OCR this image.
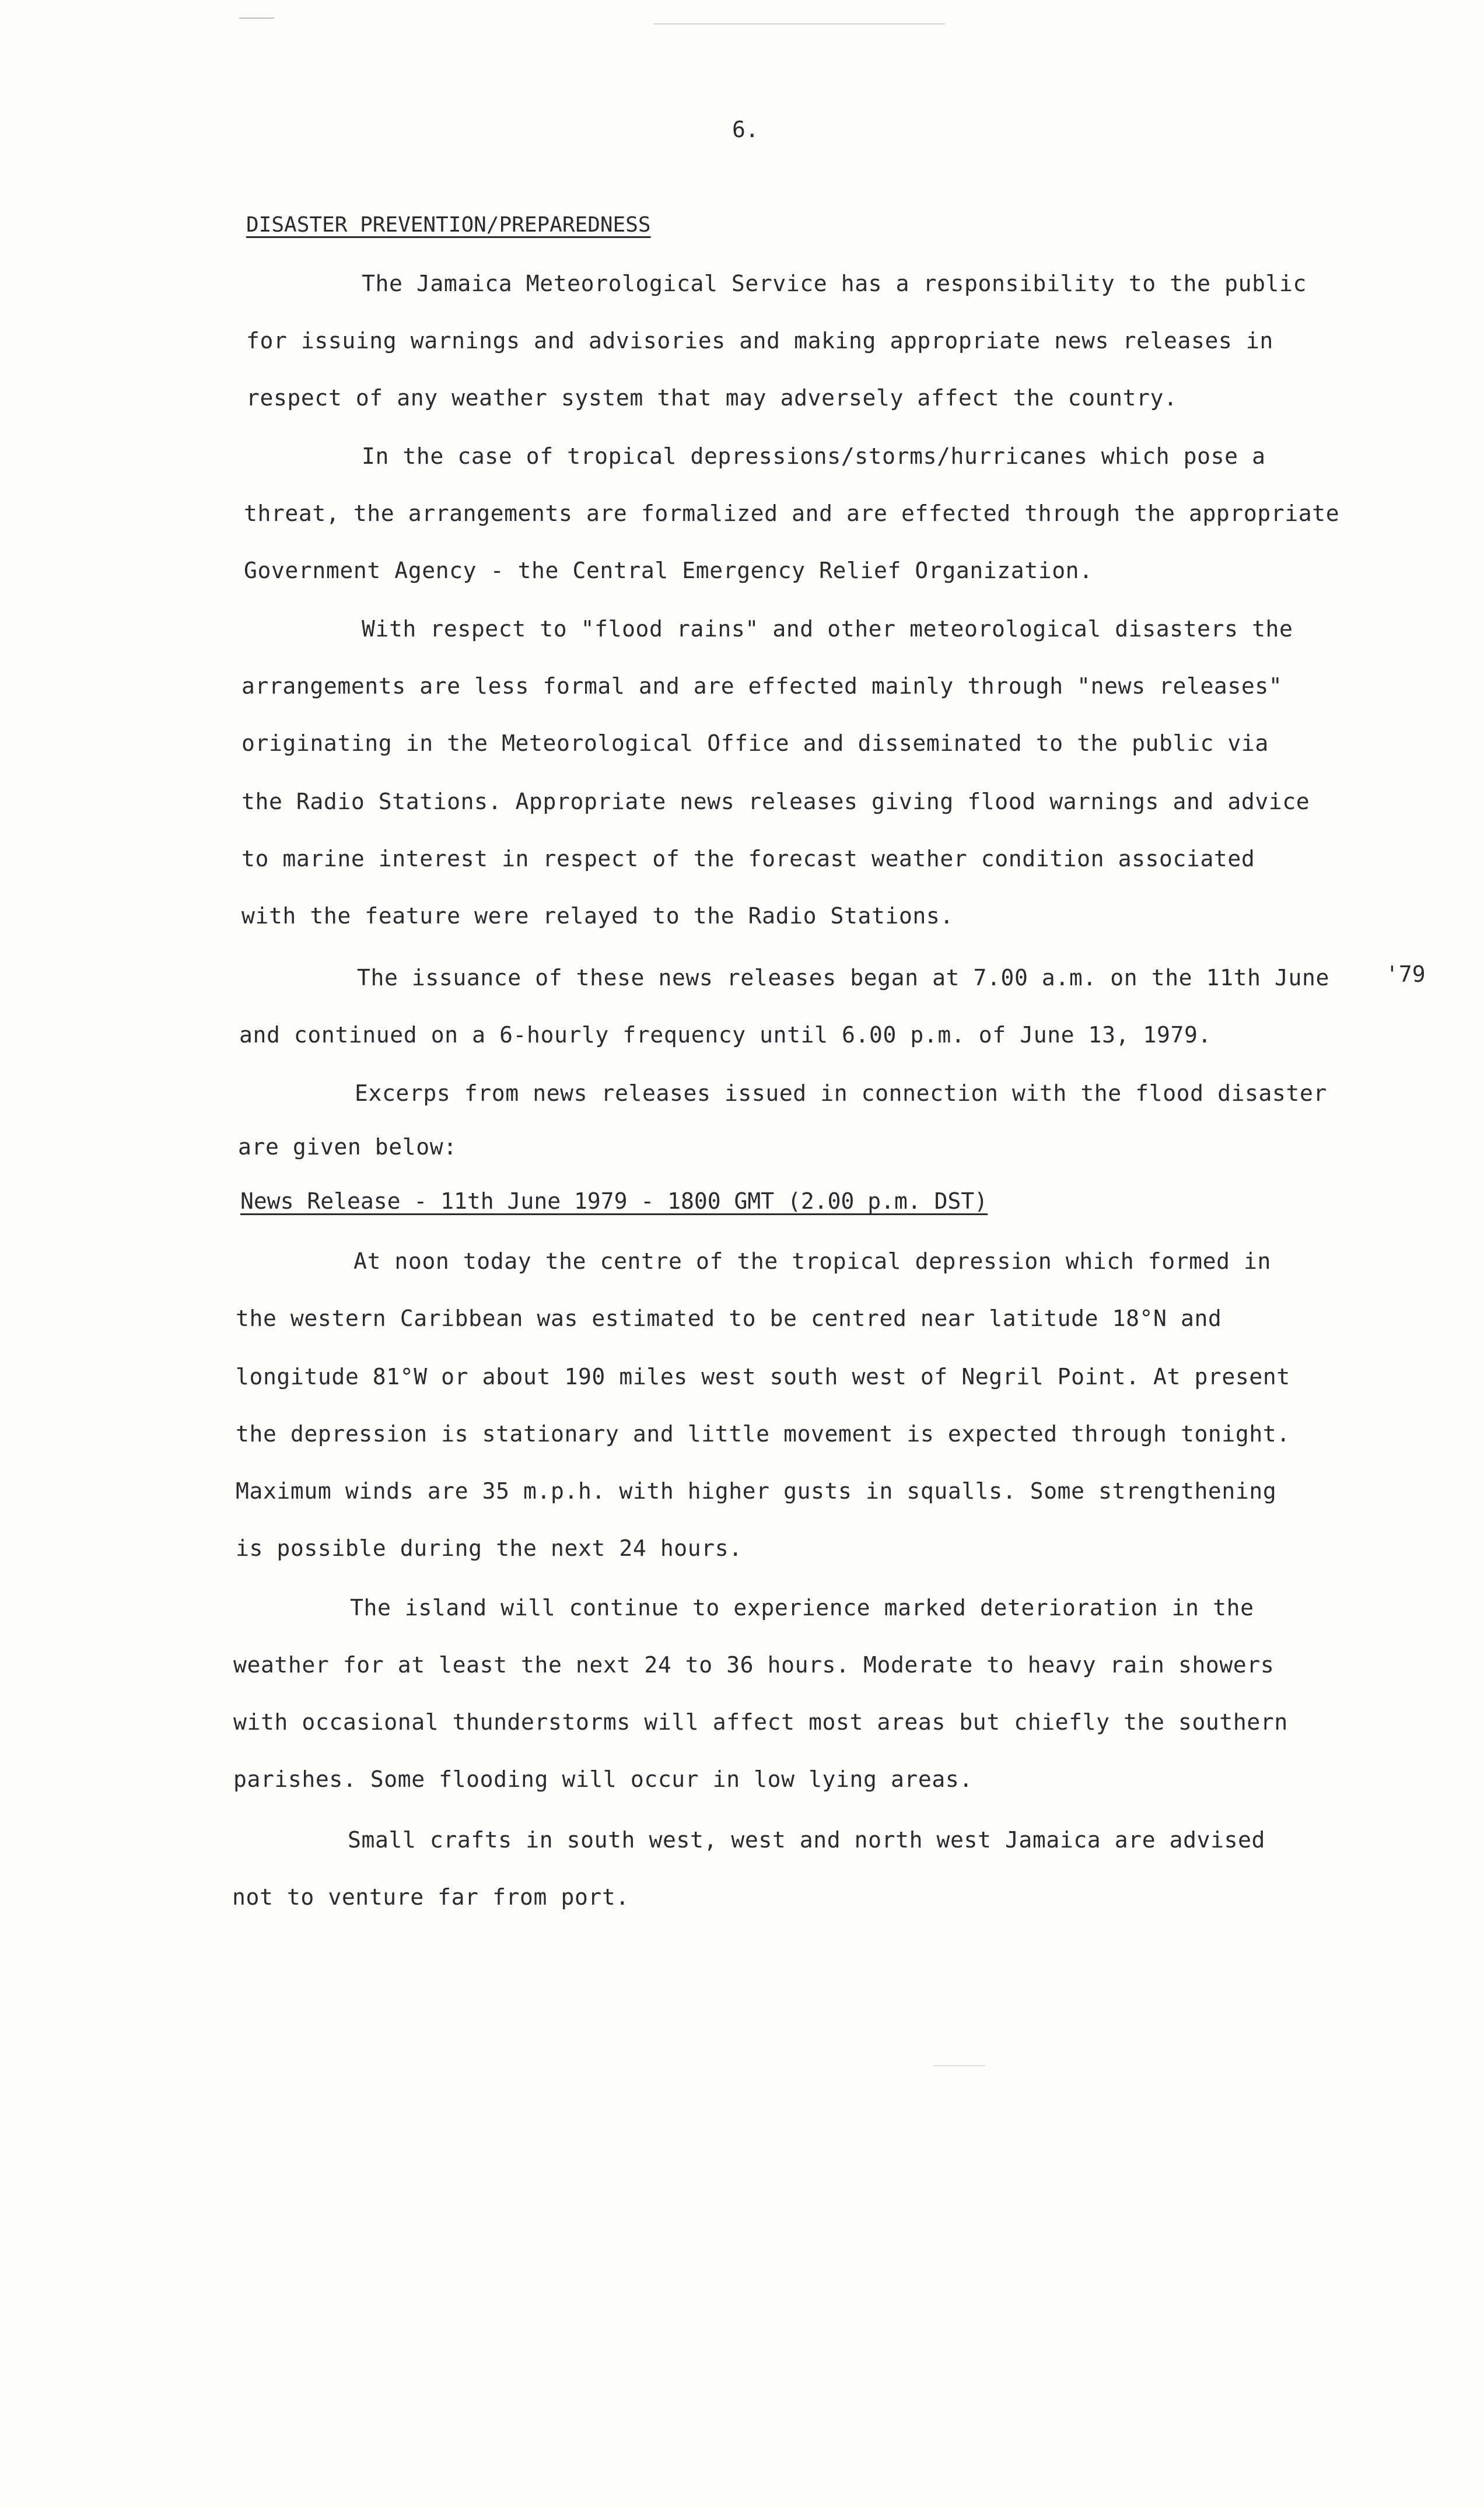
6.
DISASTER PREVENTION/PREPAREDNESS
The Jamaica Meteorological Service has a responsibility to the public
for issuing warnings and advisories and making appropriate news releases in
respect of any weather system that may adversely affect the country.
In the case of tropical depressions/storms/hurricanes which pose a
threat, the arrangements are formalized and are effected through the appropriate
Government Agency - the Central Emergency Relief Organization.
With respect to "flood rains" and other meteorological disasters the
arrangements are less formal and are effected mainly through "news releases"
originating in the Meteorological Office and disseminated to the public via
the Radio Stations. Appropriate news releases giving flood warnings and advice
to marine interest in respect of the forecast weather condition associated
with the feature were relayed to the Radio Stations.
The issuance of these news releases began at 7.00 a.m. on the 11th June
and continued on a 6-hourly frequency until 6.00 p.m. of June 13, 1979.
'79
Excerps from news releases issued in connection with the flood disaster
are given below:
News Release - 11th June 1979 - 1800 GMT (2.00 p.m. DST)
At noon today the centre of the tropical depression which formed in
the western Caribbean was estimated to be centred near latitude 18°N and
longitude 81°W or about 190 miles west south west of Negril Point. At present
the depression is stationary and little movement is expected through tonight.
Maximum winds are 35 m.p.h. with higher gusts in squalls. Some strengthening
is possible during the next 24 hours.
The island will continue to experience marked deterioration in the
weather for at least the next 24 to 36 hours. Moderate to heavy rain showers
with occasional thunderstorms will affect most areas but chiefly the southern
parishes. Some flooding will occur in low lying areas.
Small crafts in south west, west and north west Jamaica are advised
not to venture far from port.
